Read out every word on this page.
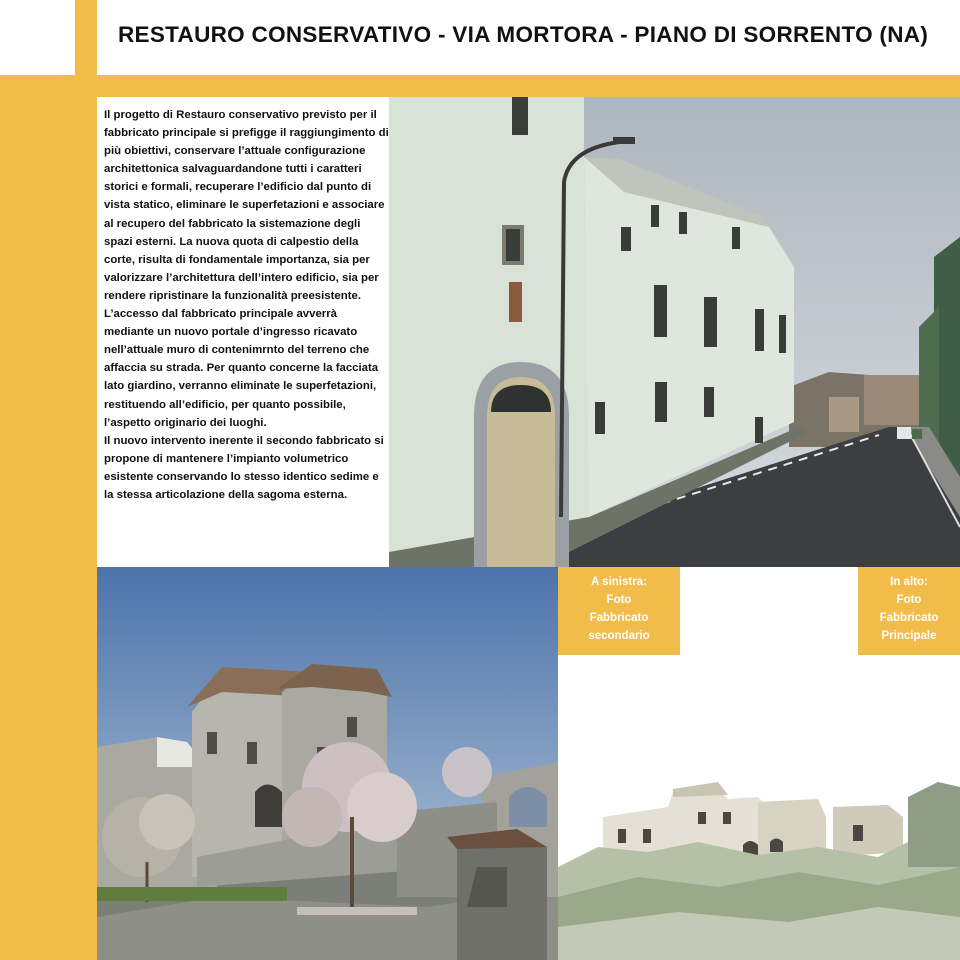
RESTAURO CONSERVATIVO - VIA MORTORA - PIANO DI SORRENTO (NA)

Il progetto di Restauro conservativo previsto per il fabbricato principale si prefigge il raggiungimento di più obiettivi, conservare l’attuale configurazione architettonica salvaguardandone tutti i caratteri storici e formali, recuperare l’edificio dal punto di vista statico, eliminare le superfetazioni e associare al recupero del fabbricato la sistemazione degli spazi esterni. La nuova quota di calpestio della corte, risulta di fondamentale importanza, sia per valorizzare l’architettura dell’intero edificio, sia per rendere ripristinare la funzionalità preesistente. L’accesso dal fabbricato principale avverrà mediante un nuovo portale d’ingresso ricavato nell’attuale muro di contenimrnto del terreno che affaccia su strada. Per quanto concerne la facciata lato giardino, verranno eliminate le superfetazioni, restituendo all’edificio, per quanto possibile, l’aspetto originario dei luoghi.

Il nuovo intervento inerente il secondo fabbricato si propone di mantenere l’impianto volumetrico esistente conservando lo stesso identico sedime e la stessa articolazione della sagoma esterna.

A sinistra:
Foto
Fabbricato
secondario
In alto:
Foto
Fabbricato
Principale
